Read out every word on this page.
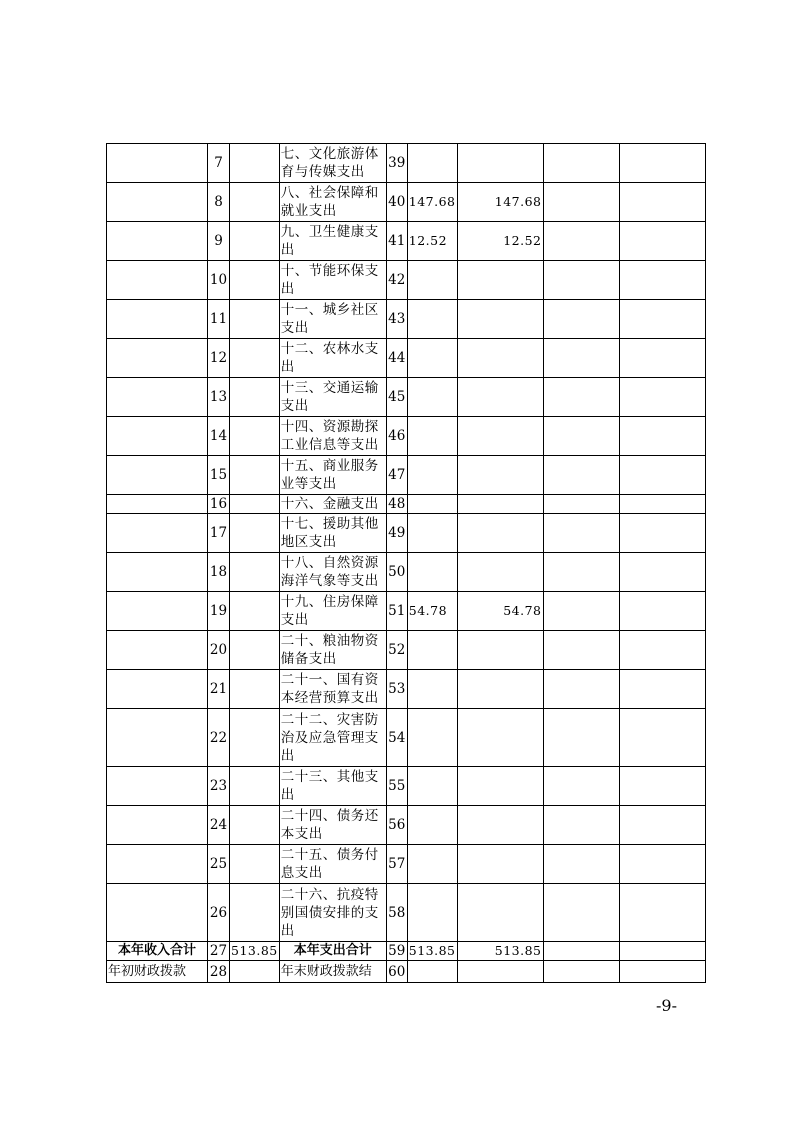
	7		七、文化旅游体育与传媒支出	39				
	8		八、社会保障和就业支出	40	147.68	147.68		
	9		九、卫生健康支出	41	12.52	12.52		
	10		十、节能环保支出	42				
	11		十一、城乡社区支出	43				
	12		十二、农林水支出	44				
	13		十三、交通运输支出	45				
	14		十四、资源勘探工业信息等支出	46				
	15		十五、商业服务业等支出	47				
	16		十六、金融支出	48				
	17		十七、援助其他地区支出	49				
	18		十八、自然资源海洋气象等支出	50				
	19		十九、住房保障支出	51	54.78	54.78		
	20		二十、粮油物资储备支出	52				
	21		二十一、国有资本经营预算支出	53				
	22		二十二、灾害防治及应急管理支出	54				
	23		二十三、其他支出	55				
	24		二十四、债务还本支出	56				
	25		二十五、债务付息支出	57				
	26		二十六、抗疫特别国债安排的支出	58				
本年收入合计	27	513.85	本年支出合计	59	513.85	513.85		
年初财政拨款	28		年末财政拨款结	60				
-9-
